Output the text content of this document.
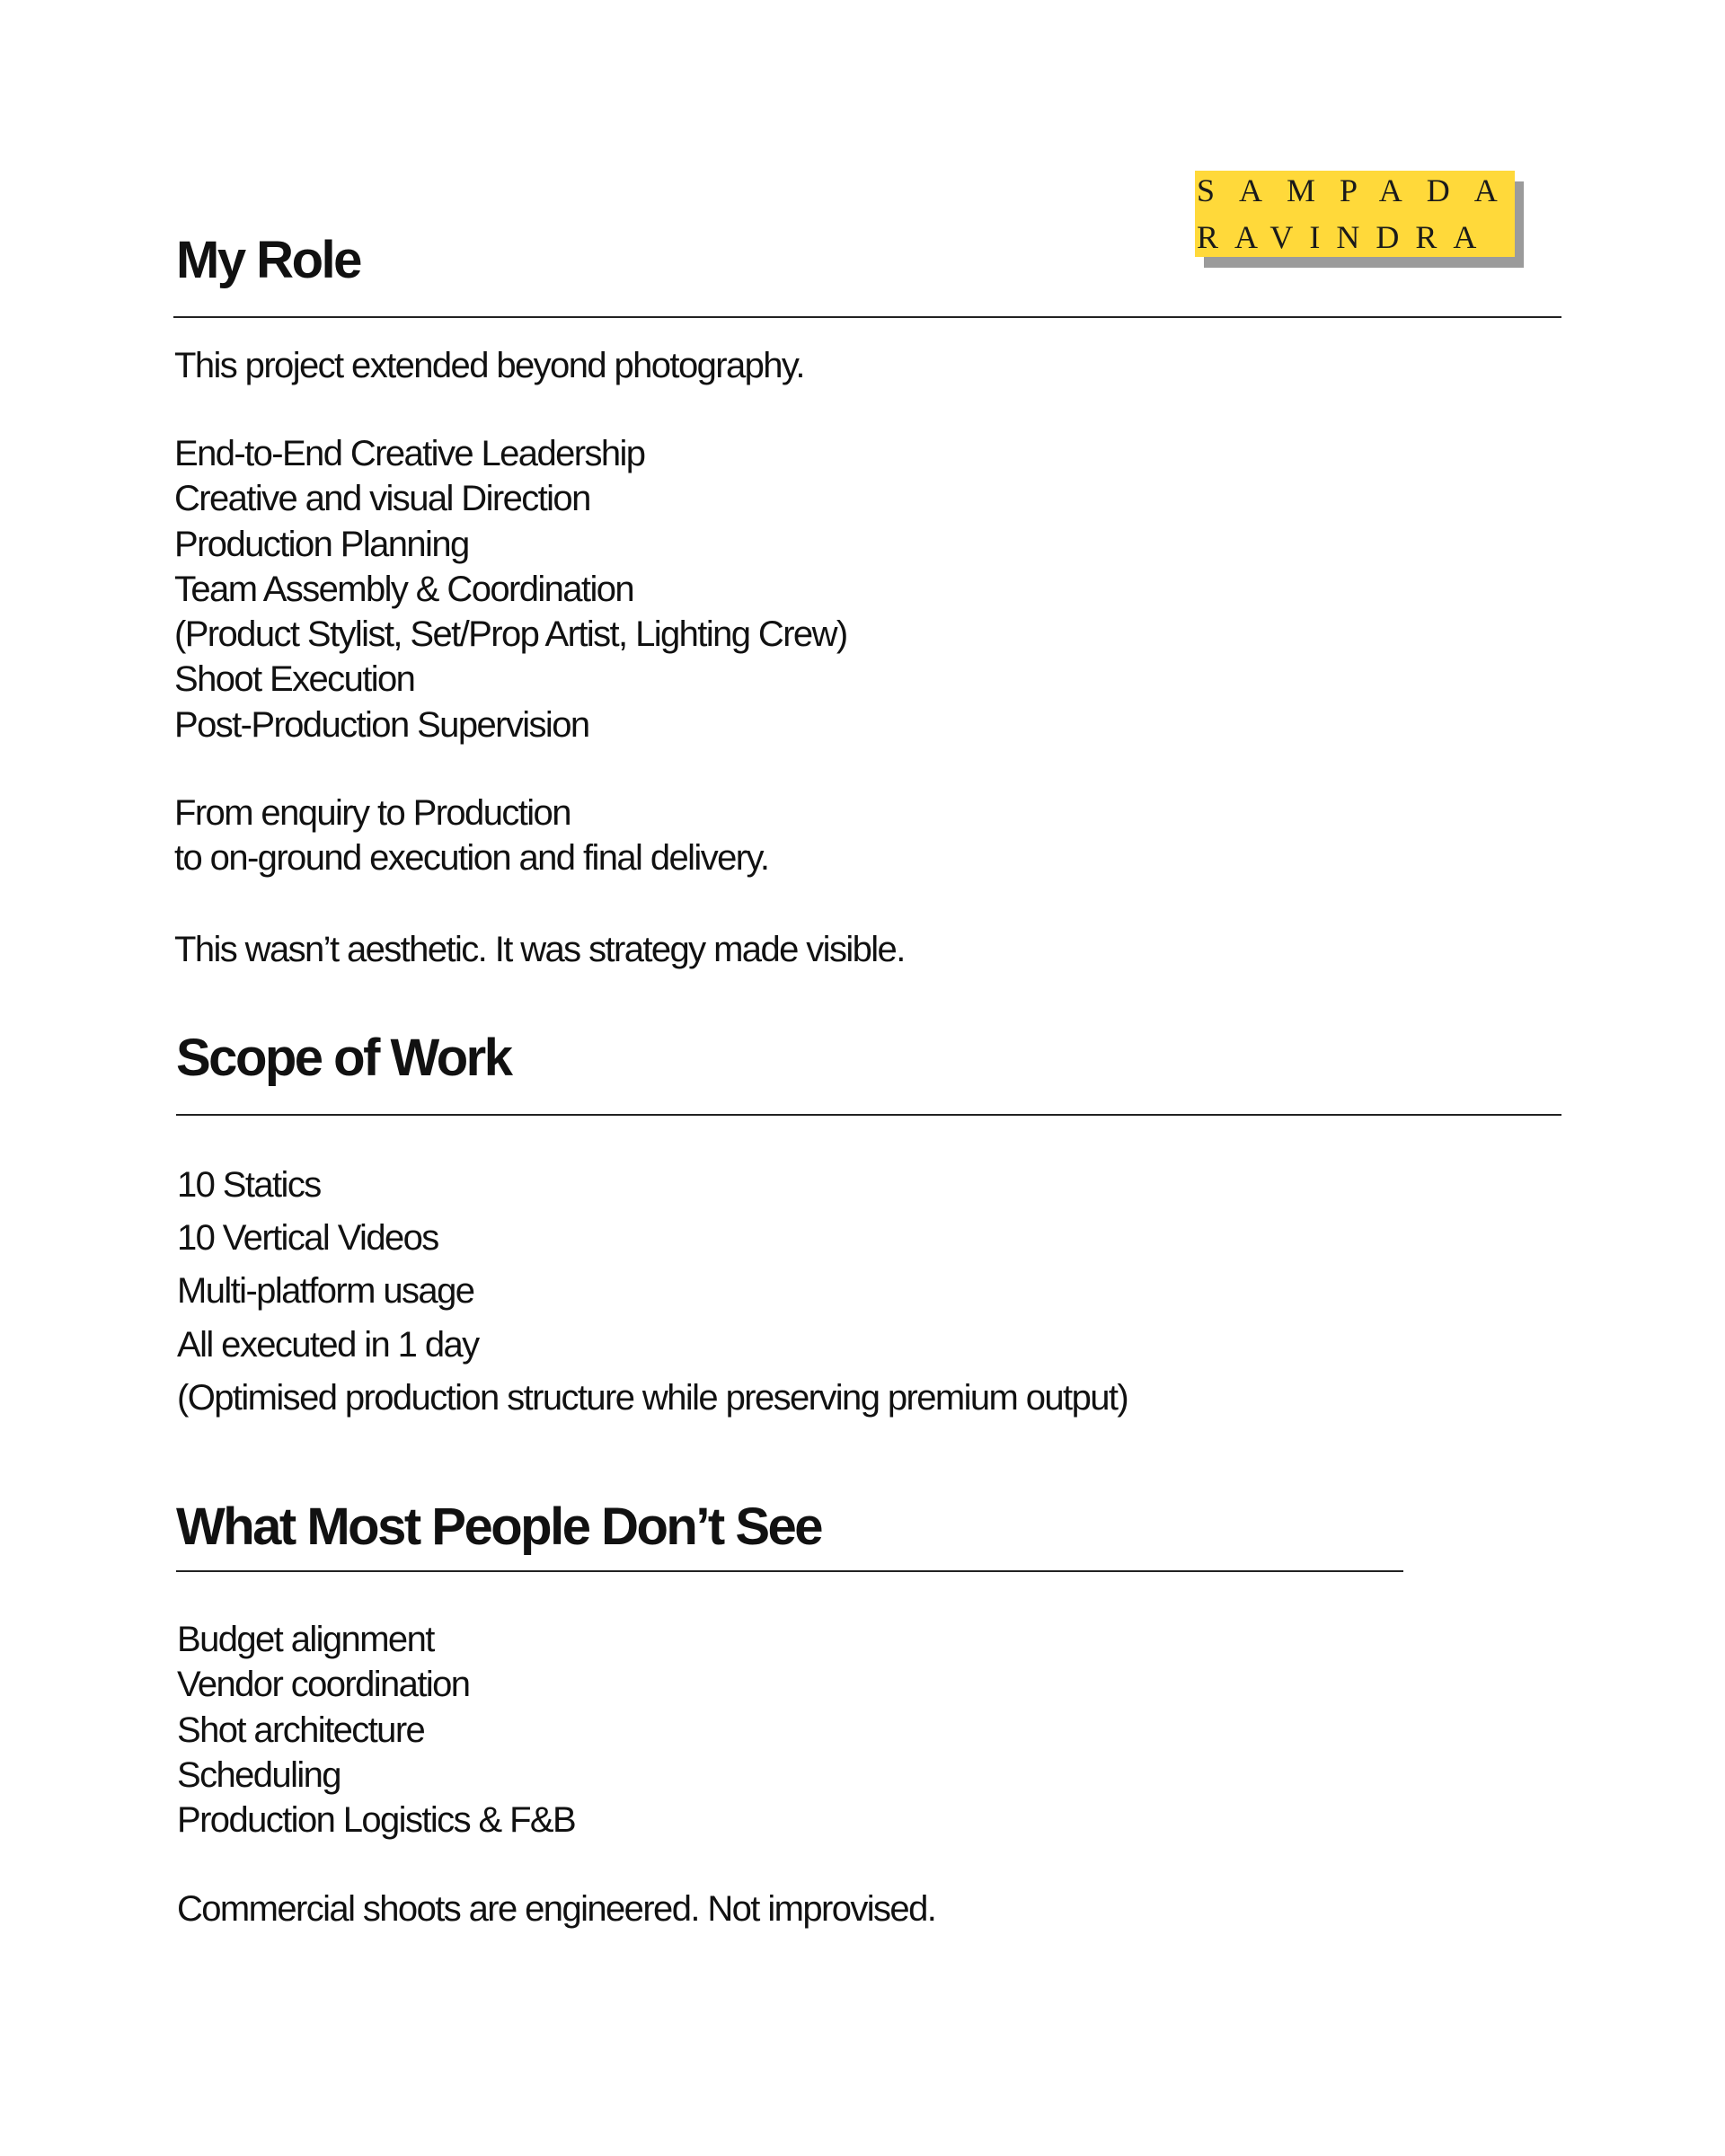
SAMPADA
RAVINDRA
My Role

This project extended beyond photography.

End-to-End Creative Leadership
Creative and visual Direction
Production Planning
Team Assembly & Coordination
(Product Stylist, Set/Prop Artist, Lighting Crew)
Shoot Execution
Post-Production Supervision

From enquiry to Production
to on-ground execution and final delivery.

This wasn’t aesthetic. It was strategy made visible.

Scope of Work
10 Statics
10 Vertical Videos
Multi-platform usage
All executed in 1 day
(Optimised production structure while preserving premium output)
What Most People Don’t See
Budget alignment
Vendor coordination
Shot architecture
Scheduling
Production Logistics & F&B

Commercial shoots are engineered. Not improvised.
